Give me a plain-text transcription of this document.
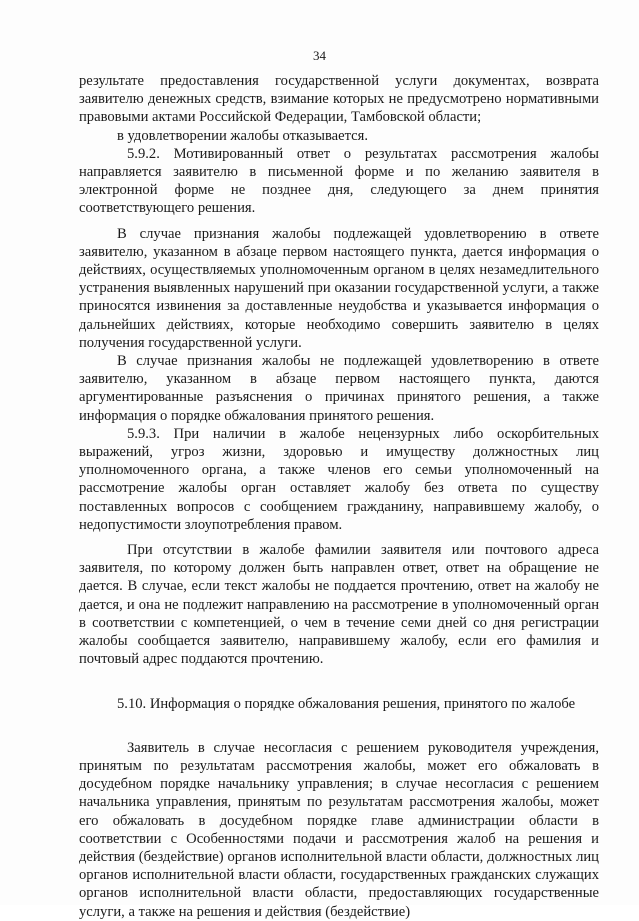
34

результате предоставления государственной услуги документах, возврата заявителю денежных средств, взимание которых не предусмотрено нормативными правовыми актами Российской Федерации, Тамбовской области;

в удовлетворении жалобы отказывается.

5.9.2. Мотивированный ответ о результатах рассмотрения жалобы направляется заявителю в письменной форме и по желанию заявителя в электронной форме не позднее дня, следующего за днем принятия соответствующего решения.

В случае признания жалобы подлежащей удовлетворению в ответе заявителю, указанном в абзаце первом настоящего пункта, дается информация о действиях, осуществляемых уполномоченным органом в целях незамедлительного устранения выявленных нарушений при оказании государственной услуги, а также приносятся извинения за доставленные неудобства и указывается информация о дальнейших действиях, которые необходимо совершить заявителю в целях получения государственной услуги.

В случае признания жалобы не подлежащей удовлетворению в ответе заявителю, указанном в абзаце первом настоящего пункта, даются аргументированные разъяснения о причинах принятого решения, а также информация о порядке обжалования принятого решения.

5.9.3. При наличии в жалобе нецензурных либо оскорбительных выражений, угроз жизни, здоровью и имуществу должностных лиц уполномоченного органа, а также членов его семьи уполномоченный на рассмотрение жалобы орган оставляет жалобу без ответа по существу поставленных вопросов с сообщением гражданину, направившему жалобу, о недопустимости злоупотребления правом.

При отсутствии в жалобе фамилии заявителя или почтового адреса заявителя, по которому должен быть направлен ответ, ответ на обращение не дается. В случае, если текст жалобы не поддается прочтению, ответ на жалобу не дается, и она не подлежит направлению на рассмотрение в уполномоченный орган в соответствии с компетенцией, о чем в течение семи дней со дня регистрации жалобы сообщается заявителю, направившему жалобу, если его фамилия и почтовый адрес поддаются прочтению.

5.10. Информация о порядке обжалования решения, принятого по жалобе

Заявитель в случае несогласия с решением руководителя учреждения, принятым по результатам рассмотрения жалобы, может его обжаловать в досудебном порядке начальнику управления; в случае несогласия с решением начальника управления, принятым по результатам рассмотрения жалобы, может его обжаловать в досудебном порядке главе администрации области в соответствии с Особенностями подачи и рассмотрения жалоб на решения и действия (бездействие) органов исполнительной власти области, должностных лиц органов исполнительной власти области, государственных гражданских служащих органов исполнительной власти области, предоставляющих государственные услуги, а также на решения и действия (бездействие)
